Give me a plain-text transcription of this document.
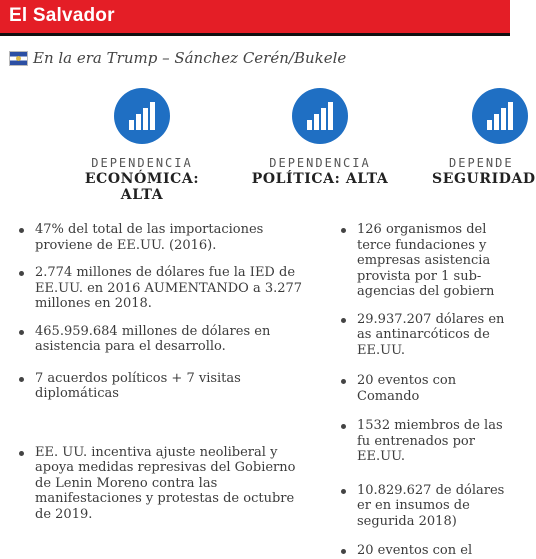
El Salvador
En la era Trump – Sánchez Cerén/Bukele
DEPENDENCIA
ECONÓMICA: ALTA
DEPENDENCIA
POLÍTICA: ALTA
DEPENDE
SEGURIDAD
47% del total de las importaciones proviene de EE.UU. (2016).
2.774 millones de dólares fue la IED de EE.UU. en 2016 AUMENTANDO a 3.277 millones en 2018.
465.959.684 millones de dólares en asistencia para el desarrollo.
7 acuerdos políticos + 7 visitas diplomáticas
EE. UU. incentiva ajuste neoliberal y apoya medidas represivas del Gobierno de Lenin Moreno contra las manifestaciones y protestas de octubre de 2019.
126 organismos del terce fundaciones y empresas asistencia provista por 1 sub-agencias del gobiern
29.937.207 dólares en as antinarcóticos de EE.UU.
20 eventos con Comando
1532 miembros de las fu entrenados por EE.UU.
10.829.627 de dólares er en insumos de segurida 2018)
20 eventos con el
